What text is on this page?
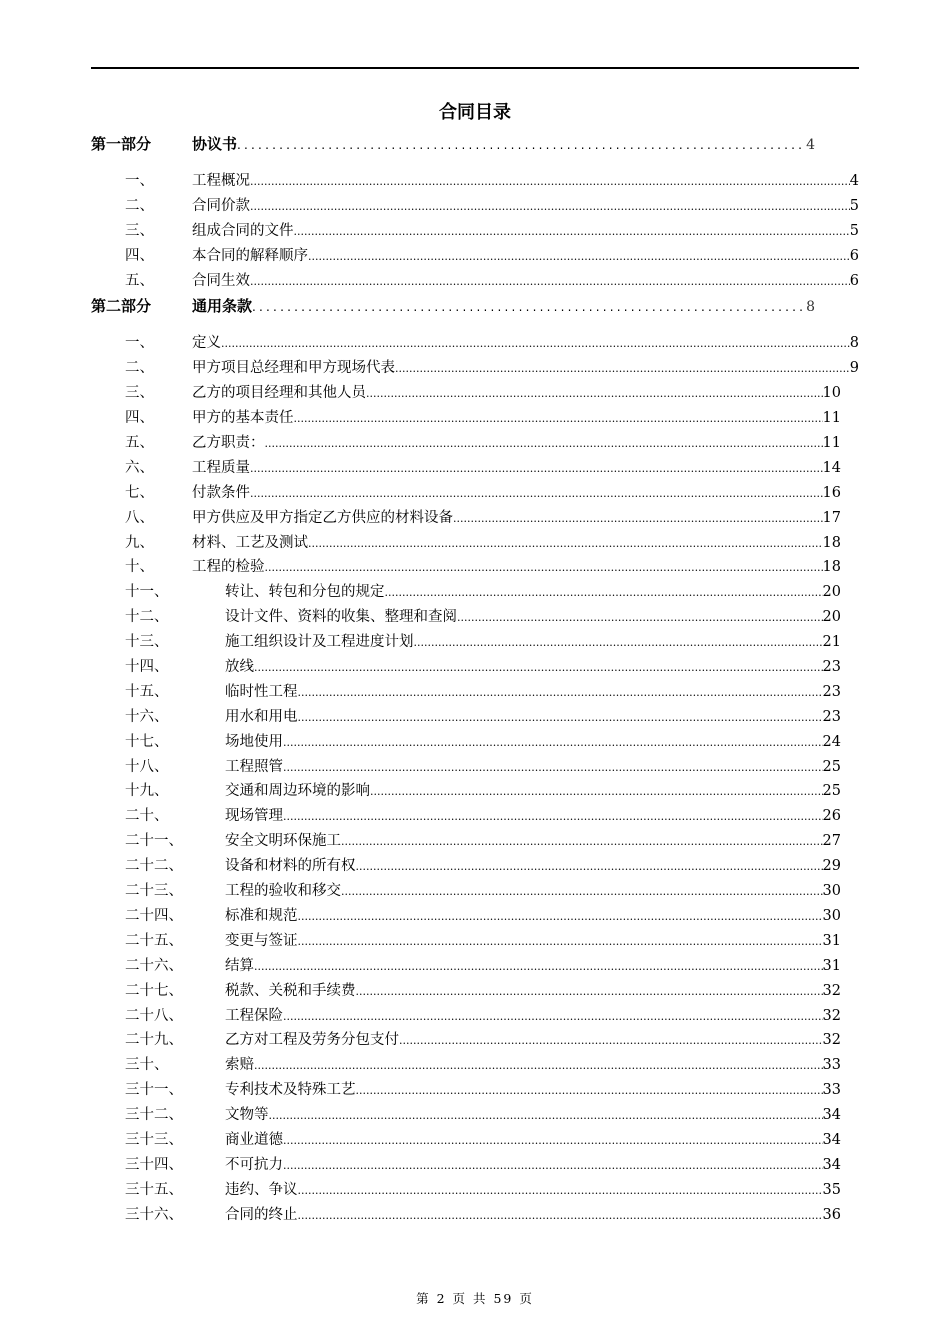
合同目录
第一部分	协议书 .....	4
一、	工程概况 .....	4
二、	合同价款 .....	5
三、	组成合同的文件 .....	5
四、	本合同的解释顺序 .....	6
五、	合同生效 .....	6
第二部分	通用条款 .....	8
一、	定义 .....	8
二、	甲方项目总经理和甲方现场代表 .....	9
三、	乙方的项目经理和其他人员 .....	10
四、	甲方的基本责任 .....	11
五、	乙方职责： .....	11
六、	工程质量 .....	14
七、	付款条件 .....	16
八、	甲方供应及甲方指定乙方供应的材料设备 .....	17
九、	材料、工艺及测试 .....	18
十、	工程的检验 .....	18
十一、	转让、转包和分包的规定 .....	20
十二、	设计文件、资料的收集、整理和查阅 .....	20
十三、	施工组织设计及工程进度计划 .....	21
十四、	放线 .....	23
十五、	临时性工程 .....	23
十六、	用水和用电 .....	23
十七、	场地使用 .....	24
十八、	工程照管 .....	25
十九、	交通和周边环境的影响 .....	25
二十、	现场管理 .....	26
二十一、	安全文明环保施工 .....	27
二十二、	设备和材料的所有权 .....	29
二十三、	工程的验收和移交 .....	30
二十四、	标准和规范 .....	30
二十五、	变更与签证 .....	31
二十六、	结算 .....	31
二十七、	税款、关税和手续费 .....	32
二十八、	工程保险 .....	32
二十九、	乙方对工程及劳务分包支付 .....	32
三十、	索赔 .....	33
三十一、	专利技术及特殊工艺 .....	33
三十二、	文物等 .....	34
三十三、	商业道德 .....	34
三十四、	不可抗力 .....	34
三十五、	违约、争议 .....	35
三十六、	合同的终止 .....	36
第 2 页 共 59 页
